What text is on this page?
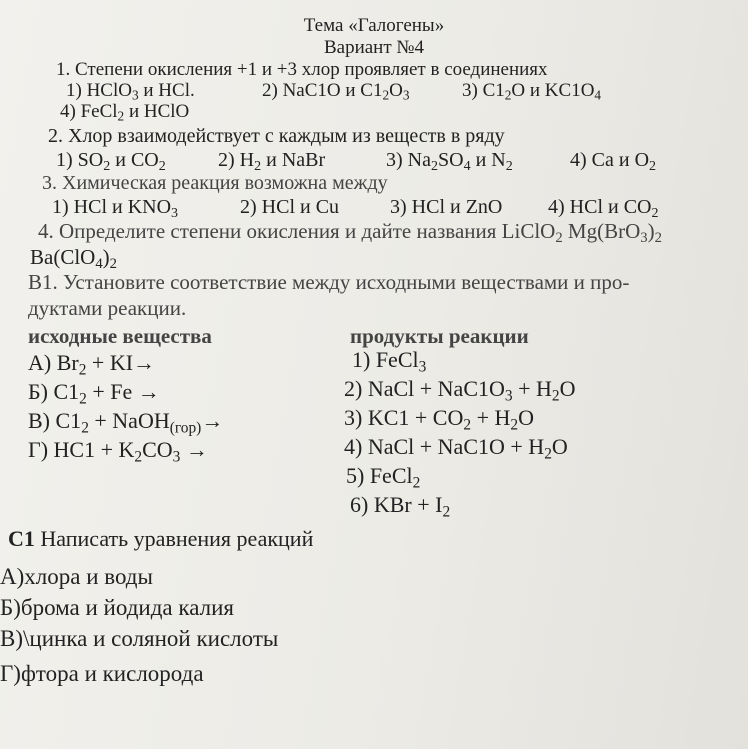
Тема «Галогены»
Вариант №4
1. Степени окисления +1 и +3 хлор проявляет в соединениях
1) HClO$_3$ и HCl.	2) NaC1O и $C1_2O_3$	3) $C1_2O$ и $KC1O_4$
4) FeCl$_2$ и HClO
2. Хлор взаимодействует с каждым из веществ в ряду
1) $SO_2$ и $CO_2$	2) $H_2$ и NaBr	3) $Na_2SO_4$ и $N_2$	4) Ca и $O_2$
3. Химическая реакция возможна между
1) HCl и $KNO_3$	2) HCl и Cu	3) HCl и ZnO 4) HCl и $CO_2$
4. Определите степени окисления и дайте названия LiClO$_2$ $Mg(BrO_3)_2$
$Ba(ClO_4)_2$
В1. Установите соответствие между исходными веществами и про-
дуктами реакции.
исходные вещества	продукты реакции
А) $Br_2 + KI\to$
Б) $C1_2 + Fe$ →
В) $C1_2$ + NaOH$_{(гор)}$→
Г) $HC1 + K_2CO_3$ →
1) FeCl$_3$
2) NaCl + $NaC1O_3 + H_2O$
3) $KC1 + CO_2 + H_2O$
4) NaCl + $NaC1O + H_2O$
5) FeCl$_2$
6) KBr + $I_2$
С1 Написать уравнения реакций
А)хлора и воды
Б)брома и йодида калия
В)\цинка и соляной кислоты
Г)фтора и кислорода
